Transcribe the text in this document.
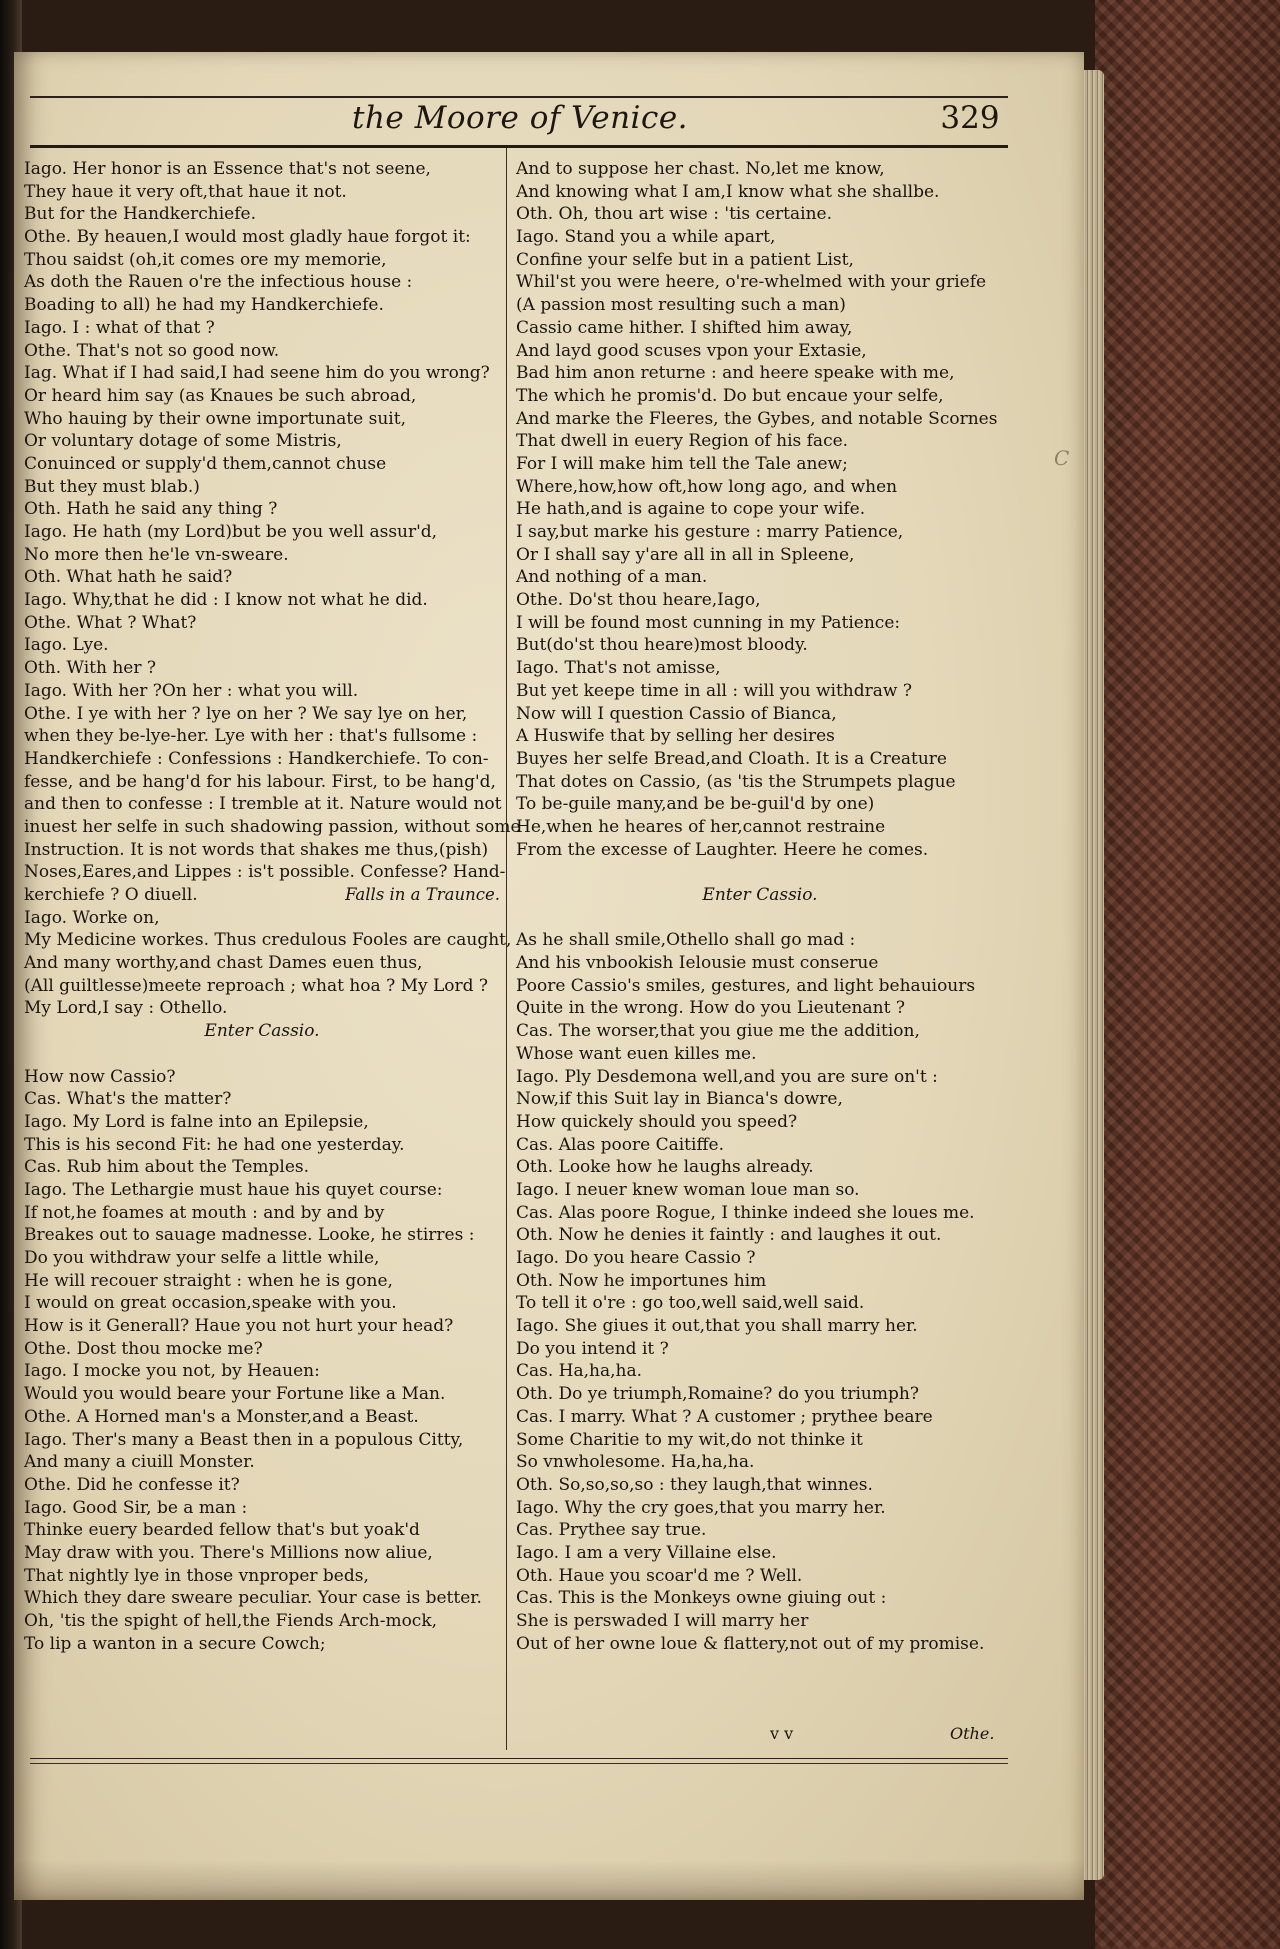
the Moore of Venice.	329
Iago. Her honor is an Essence that's not seene,
They haue it very oft,that haue it not.
But for the Handkerchiefe.
Othe. By heauen,I would most gladly haue forgot it:
Thou saidst (oh,it comes ore my memorie,
As doth the Rauen o're the infectious house :
Boading to all) he had my Handkerchiefe.
Iago. I : what of that ?
Othe. That's not so good now.
Iag. What if I had said,I had seene him do you wrong?
Or heard him say (as Knaues be such abroad,
Who hauing by their owne importunate suit,
Or voluntary dotage of some Mistris,
Conuinced or supply'd them,cannot chuse
But they must blab.)
Oth. Hath he said any thing ?
Iago. He hath (my Lord)but be you well assur'd,
No more then he'le vn-sweare.
Oth. What hath he said?
Iago. Why,that he did : I know not what he did.
Othe. What ? What?
Iago. Lye.
Oth. With her ?
Iago. With her ?On her : what you will.
Othe. I ye with her ? lye on her ? We say lye on her,
when they be-lye-her. Lye with her : that's fullsome :
Handkerchiefe : Confessions : Handkerchiefe. To con-
fesse, and be hang'd for his labour. First, to be hang'd,
and then to confesse : I tremble at it. Nature would not
inuest her selfe in such shadowing passion, without some
Instruction. It is not words that shakes me thus,(pish)
Noses,Eares,and Lippes : is't possible. Confesse? Hand-
Falls in a Traunce.
kerchiefe ? O diuell.
Iago. Worke on,
My Medicine workes. Thus credulous Fooles are caught,
And many worthy,and chast Dames euen thus,
(All guiltlesse)meete reproach ; what hoa ? My Lord ?
My Lord,I say : Othello.
Enter Cassio.
How now Cassio?
Cas. What's the matter?
Iago. My Lord is falne into an Epilepsie,
This is his second Fit: he had one yesterday.
Cas. Rub him about the Temples.
Iago. The Lethargie must haue his quyet course:
If not,he foames at mouth : and by and by
Breakes out to sauage madnesse. Looke, he stirres :
Do you withdraw your selfe a little while,
He will recouer straight : when he is gone,
I would on great occasion,speake with you.
How is it Generall? Haue you not hurt your head?
Othe. Dost thou mocke me?
Iago. I mocke you not, by Heauen:
Would you would beare your Fortune like a Man.
Othe. A Horned man's a Monster,and a Beast.
Iago. Ther's many a Beast then in a populous Citty,
And many a ciuill Monster.
Othe. Did he confesse it?
Iago. Good Sir, be a man :
Thinke euery bearded fellow that's but yoak'd
May draw with you. There's Millions now aliue,
That nightly lye in those vnproper beds,
Which they dare sweare peculiar. Your case is better.
Oh, 'tis the spight of hell,the Fiends Arch-mock,
To lip a wanton in a secure Cowch;
And to suppose her chast. No,let me know,
And knowing what I am,I know what she shallbe.
Oth. Oh, thou art wise : 'tis certaine.
Iago. Stand you a while apart,
Confine your selfe but in a patient List,
Whil'st you were heere, o're-whelmed with your griefe
(A passion most resulting such a man)
Cassio came hither. I shifted him away,
And layd good scuses vpon your Extasie,
Bad him anon returne : and heere speake with me,
The which he promis'd. Do but encaue your selfe,
And marke the Fleeres, the Gybes, and notable Scornes
That dwell in euery Region of his face.
For I will make him tell the Tale anew;
Where,how,how oft,how long ago, and when
He hath,and is againe to cope your wife.
I say,but marke his gesture : marry Patience,
Or I shall say y'are all in all in Spleene,
And nothing of a man.
Othe. Do'st thou heare,Iago,
I will be found most cunning in my Patience:
But(do'st thou heare)most bloody.
Iago. That's not amisse,
But yet keepe time in all : will you withdraw ?
Now will I question Cassio of Bianca,
A Huswife that by selling her desires
Buyes her selfe Bread,and Cloath. It is a Creature
That dotes on Cassio, (as 'tis the Strumpets plague
To be-guile many,and be be-guil'd by one)
He,when he heares of her,cannot restraine
From the excesse of Laughter. Heere he comes.
Enter Cassio.
As he shall smile,Othello shall go mad :
And his vnbookish Ielousie must conserue
Poore Cassio's smiles, gestures, and light behauiours
Quite in the wrong. How do you Lieutenant ?
Cas. The worser,that you giue me the addition,
Whose want euen killes me.
Iago. Ply Desdemona well,and you are sure on't :
Now,if this Suit lay in Bianca's dowre,
How quickely should you speed?
Cas. Alas poore Caitiffe.
Oth. Looke how he laughs already.
Iago. I neuer knew woman loue man so.
Cas. Alas poore Rogue, I thinke indeed she loues me.
Oth. Now he denies it faintly : and laughes it out.
Iago. Do you heare Cassio ?
Oth. Now he importunes him
To tell it o're : go too,well said,well said.
Iago. She giues it out,that you shall marry her.
Do you intend it ?
Cas. Ha,ha,ha.
Oth. Do ye triumph,Romaine? do you triumph?
Cas. I marry. What ? A customer ; prythee beare
Some Charitie to my wit,do not thinke it
So vnwholesome. Ha,ha,ha.
Oth. So,so,so,so : they laugh,that winnes.
Iago. Why the cry goes,that you marry her.
Cas. Prythee say true.
Iago. I am a very Villaine else.
Oth. Haue you scoar'd me ? Well.
Cas. This is the Monkeys owne giuing out :
She is perswaded I will marry her
Out of her owne loue & flattery,not out of my promise.
C
v v	Othe.
